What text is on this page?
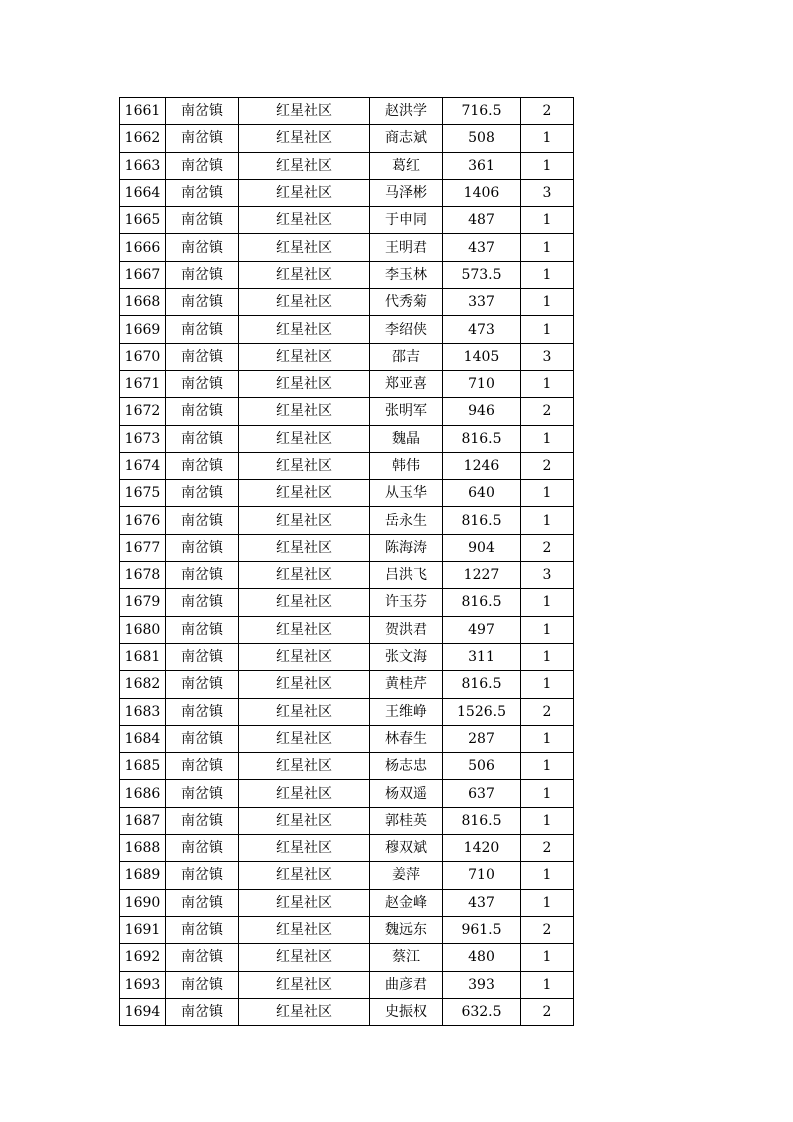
1661	南岔镇	红星社区	赵洪学	716.5	2
1662	南岔镇	红星社区	商志斌	508	1
1663	南岔镇	红星社区	葛红	361	1
1664	南岔镇	红星社区	马泽彬	1406	3
1665	南岔镇	红星社区	于申同	487	1
1666	南岔镇	红星社区	王明君	437	1
1667	南岔镇	红星社区	李玉林	573.5	1
1668	南岔镇	红星社区	代秀菊	337	1
1669	南岔镇	红星社区	李绍侠	473	1
1670	南岔镇	红星社区	邵吉	1405	3
1671	南岔镇	红星社区	郑亚喜	710	1
1672	南岔镇	红星社区	张明军	946	2
1673	南岔镇	红星社区	魏晶	816.5	1
1674	南岔镇	红星社区	韩伟	1246	2
1675	南岔镇	红星社区	从玉华	640	1
1676	南岔镇	红星社区	岳永生	816.5	1
1677	南岔镇	红星社区	陈海涛	904	2
1678	南岔镇	红星社区	吕洪飞	1227	3
1679	南岔镇	红星社区	许玉芬	816.5	1
1680	南岔镇	红星社区	贺洪君	497	1
1681	南岔镇	红星社区	张文海	311	1
1682	南岔镇	红星社区	黄桂芹	816.5	1
1683	南岔镇	红星社区	王维峥	1526.5	2
1684	南岔镇	红星社区	林春生	287	1
1685	南岔镇	红星社区	杨志忠	506	1
1686	南岔镇	红星社区	杨双遥	637	1
1687	南岔镇	红星社区	郭桂英	816.5	1
1688	南岔镇	红星社区	穆双斌	1420	2
1689	南岔镇	红星社区	姜萍	710	1
1690	南岔镇	红星社区	赵金峰	437	1
1691	南岔镇	红星社区	魏远东	961.5	2
1692	南岔镇	红星社区	蔡江	480	1
1693	南岔镇	红星社区	曲彦君	393	1
1694	南岔镇	红星社区	史振权	632.5	2
